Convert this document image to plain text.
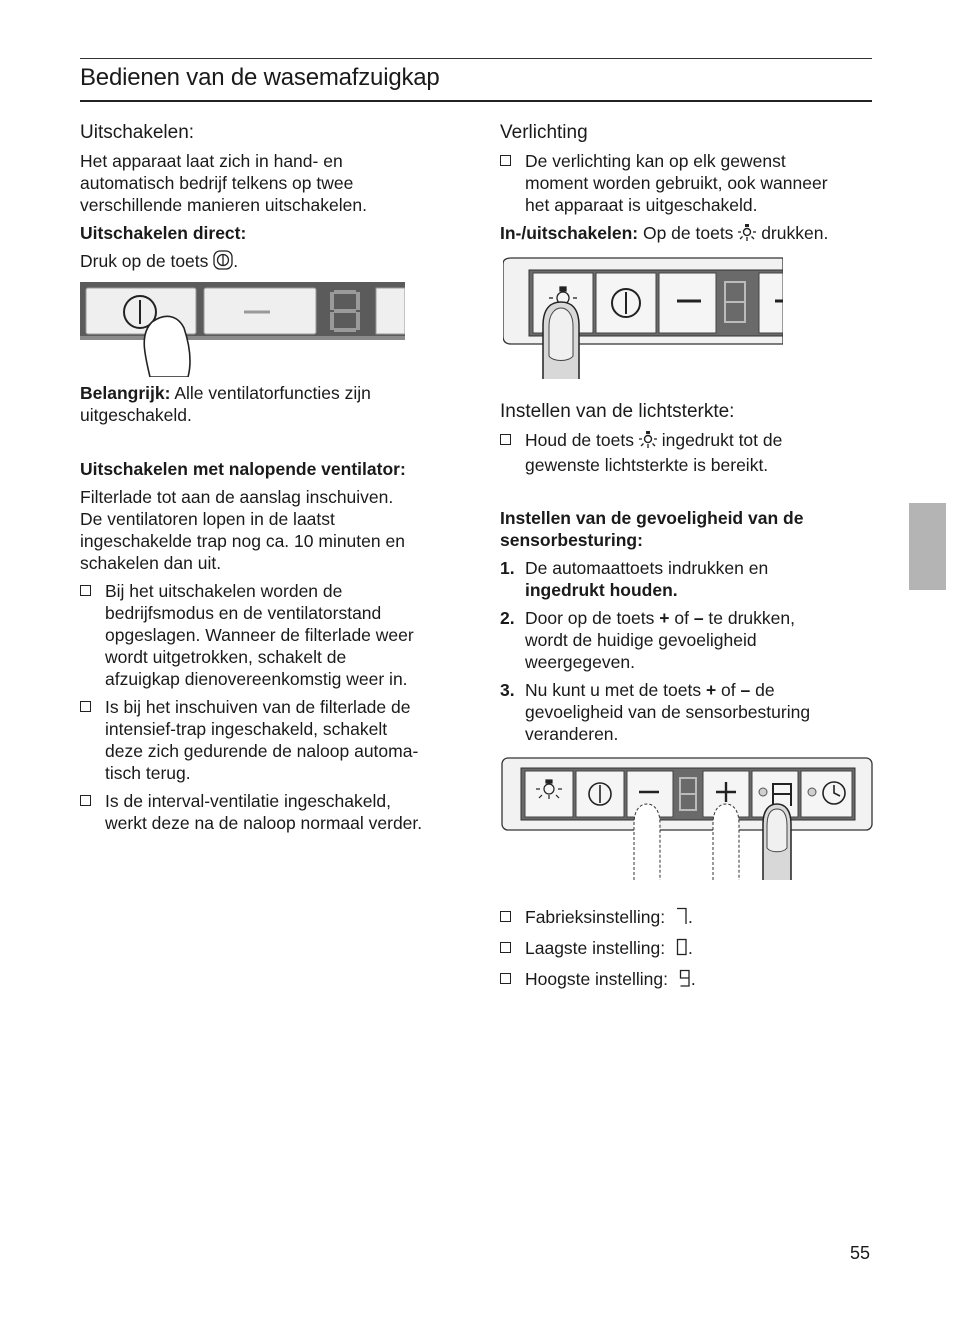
Bedienen van de wasemafzuigkap
Uitschakelen:
Het apparaat laat zich in hand- en
automatisch bedrijf telkens op twee
verschillende manieren uitschakelen.
Uitschakelen direct:
Druk op de toets .
Belangrijk: Alle ventilatorfuncties zijn
uitgeschakeld.
Uitschakelen met nalopende ventilator:
Filterlade tot aan de aanslag inschuiven.
De ventilatoren lopen in de laatst
ingeschakelde trap nog ca. 10 minuten en
schakelen dan uit.
Bij het uitschakelen worden de
bedrijfsmodus en de ventilatorstand
opgeslagen. Wanneer de filterlade weer
wordt uitgetrokken, schakelt de
afzuigkap dienovereenkomstig weer in.
Is bij het inschuiven van de filterlade de
intensief-trap ingeschakeld, schakelt
deze zich gedurende de naloop automa-
tisch terug.
Is de interval-ventilatie ingeschakeld,
werkt deze na de naloop normaal verder.
Verlichting
De verlichting kan op elk gewenst
moment worden gebruikt, ook wanneer
het apparaat is uitgeschakeld.
In-/uitschakelen: Op de toets drukken.
Instellen van de lichtsterkte:
Houd de toets ingedrukt tot de
gewenste lichtsterkte is bereikt.
Instellen van de gevoeligheid van de
sensorbesturing:
1. De automaattoets indrukken en
ingedrukt houden.
2. Door op de toets + of – te drukken,
wordt de huidige gevoeligheid
weergegeven.
3. Nu kunt u met de toets + of – de
gevoeligheid van de sensorbesturing
veranderen.
Fabrieksinstelling: .
Laagste instelling: .
Hoogste instelling: .
55
